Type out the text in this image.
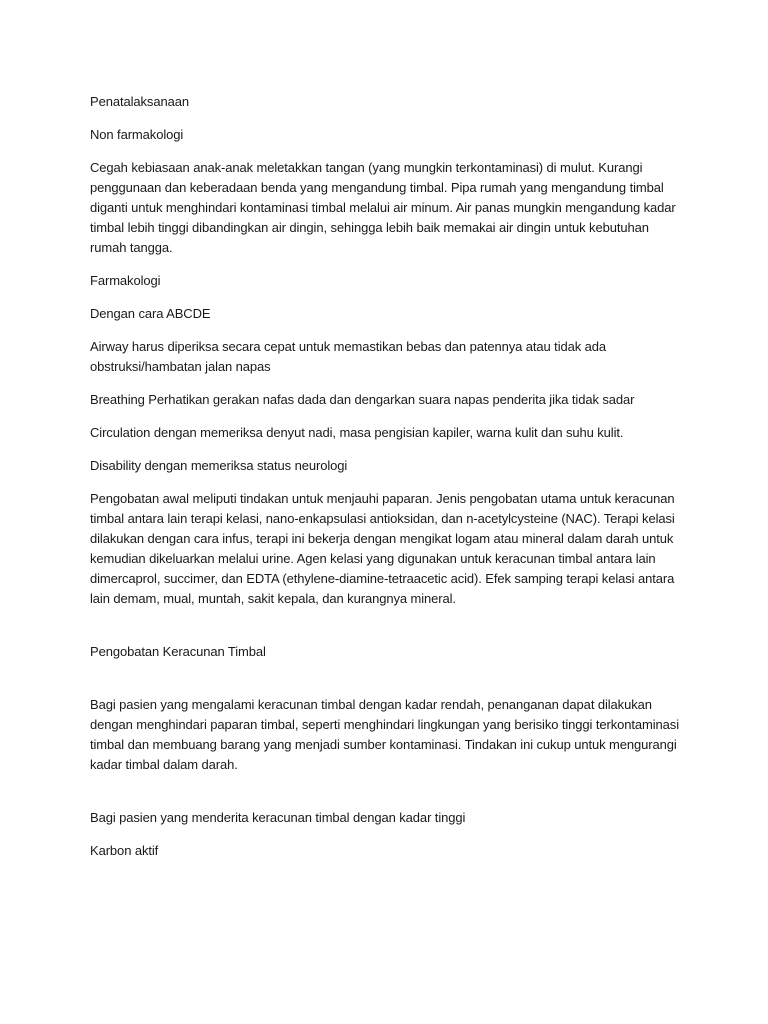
Penatalaksanaan

Non farmakologi

Cegah kebiasaan anak-anak meletakkan tangan (yang mungkin terkontaminasi) di mulut. Kurangi penggunaan dan keberadaan benda yang mengandung timbal. Pipa rumah yang mengandung timbal diganti untuk menghindari kontaminasi timbal melalui air minum. Air panas mungkin mengandung kadar timbal lebih tinggi dibandingkan air dingin, sehingga lebih baik memakai air dingin untuk kebutuhan rumah tangga.

Farmakologi

Dengan cara ABCDE

Airway harus diperiksa secara cepat untuk memastikan bebas dan patennya atau tidak ada obstruksi/hambatan jalan napas

Breathing Perhatikan gerakan nafas dada dan dengarkan suara napas penderita jika tidak sadar

Circulation dengan memeriksa denyut nadi, masa pengisian kapiler, warna kulit dan suhu kulit.

Disability dengan memeriksa status neurologi

Pengobatan awal meliputi tindakan untuk menjauhi paparan. Jenis pengobatan utama untuk keracunan timbal antara lain terapi kelasi, nano-enkapsulasi antioksidan, dan n-acetylcysteine (NAC). Terapi kelasi dilakukan dengan cara infus, terapi ini bekerja dengan mengikat logam atau mineral dalam darah untuk kemudian dikeluarkan melalui urine. Agen kelasi yang digunakan untuk keracunan timbal antara lain dimercaprol, succimer, dan EDTA (ethylene-diamine-tetraacetic acid). Efek samping terapi kelasi antara lain demam, mual, muntah, sakit kepala, dan kurangnya mineral.

Pengobatan Keracunan Timbal

Bagi pasien yang mengalami keracunan timbal dengan kadar rendah, penanganan dapat dilakukan dengan menghindari paparan timbal, seperti menghindari lingkungan yang berisiko tinggi terkontaminasi timbal dan membuang barang yang menjadi sumber kontaminasi. Tindakan ini cukup untuk mengurangi kadar timbal dalam darah.

Bagi pasien yang menderita keracunan timbal dengan kadar tinggi

Karbon aktif
